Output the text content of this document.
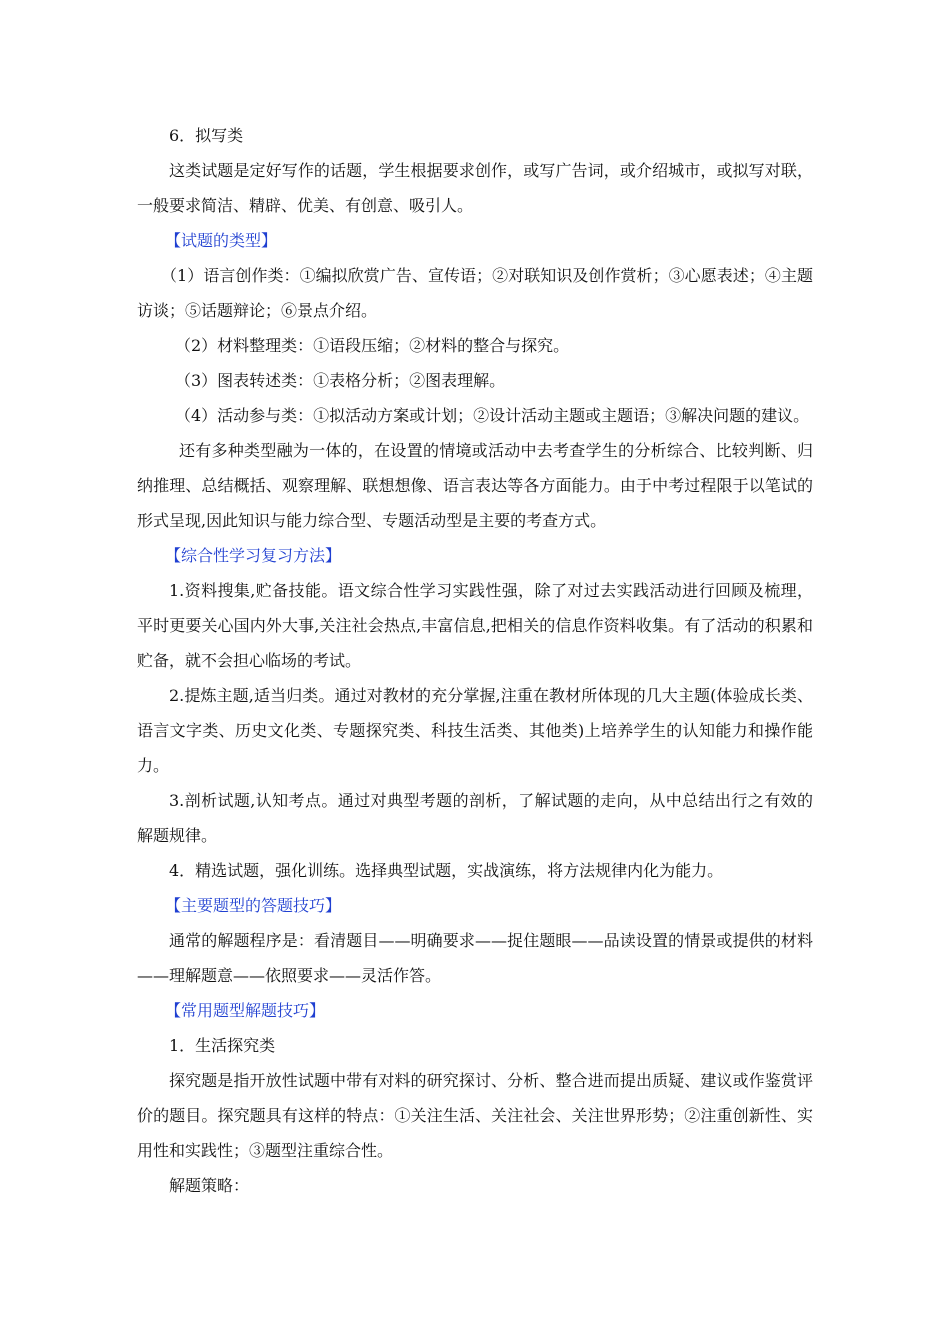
6．拟写类

这类试题是定好写作的话题，学生根据要求创作，或写广告词，或介绍城市，或拟写对联，一般要求简洁、精辟、优美、有创意、吸引人。

【试题的类型】

（1）语言创作类：①编拟欣赏广告、宣传语；②对联知识及创作赏析；③心愿表述；④主题访谈；⑤话题辩论；⑥景点介绍。

（2）材料整理类：①语段压缩；②材料的整合与探究。
（3）图表转述类：①表格分析；②图表理解。
（4）活动参与类：①拟活动方案或计划；②设计活动主题或主题语；③解决问题的建议。

还有多种类型融为一体的，在设置的情境或活动中去考查学生的分析综合、比较判断、归纳推理、总结概括、观察理解、联想想像、语言表达等各方面能力。由于中考过程限于以笔试的形式呈现,因此知识与能力综合型、专题活动型是主要的考查方式。

【综合性学习复习方法】

1.资料搜集,贮备技能。语文综合性学习实践性强，除了对过去实践活动进行回顾及梳理，平时更要关心国内外大事,关注社会热点,丰富信息,把相关的信息作资料收集。有了活动的积累和贮备，就不会担心临场的考试。

2.提炼主题,适当归类。通过对教材的充分掌握,注重在教材所体现的几大主题(体验成长类、语言文字类、历史文化类、专题探究类、科技生活类、其他类)上培养学生的认知能力和操作能力。

3.剖析试题,认知考点。通过对典型考题的剖析，了解试题的走向，从中总结出行之有效的解题规律。

4．精选试题，强化训练。选择典型试题，实战演练，将方法规律内化为能力。
【主要题型的答题技巧】

通常的解题程序是：看清题目——明确要求——捉住题眼——品读设置的情景或提供的材料——理解题意——依照要求——灵活作答。

【常用题型解题技巧】
1．生活探究类

探究题是指开放性试题中带有对料的研究探讨、分析、整合进而提出质疑、建议或作鉴赏评价的题目。探究题具有这样的特点：①关注生活、关注社会、关注世界形势；②注重创新性、实用性和实践性；③题型注重综合性。

解题策略：
